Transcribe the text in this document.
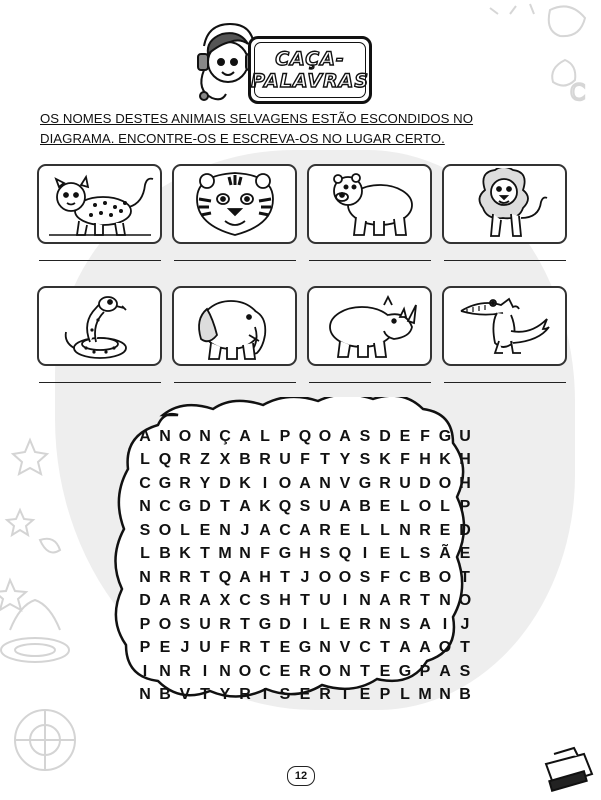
C
CAÇA-
PALAVRAS
OS NOMES DESTES ANIMAIS SELVAGENS ESTÃO ESCONDIDOS NO
DIAGRAMA. ENCONTRE-OS E ESCREVA-OS NO LUGAR CERTO.
A N O N Ç A L P Q O A S D E F G U
L Q R Z X B R U F T Y S K F H K H
C G R Y D K I O A N V G R U D O H
N C G D T A K Q S U A B E L O L P
S O L E N J A C A R E L L N R E D
L B K T M N F G H S Q I E L S Ã E
N R R T Q A H T J O O S F C B O T
D A R A X C S H T U I N A R T N O
P O S U R T G D I L E R N S A I J
P E J U F R T E G N V C T A A O T
I N R I N O C E R O N T E G P A S
N B V T Y R I S E R T E P L M N B
12
